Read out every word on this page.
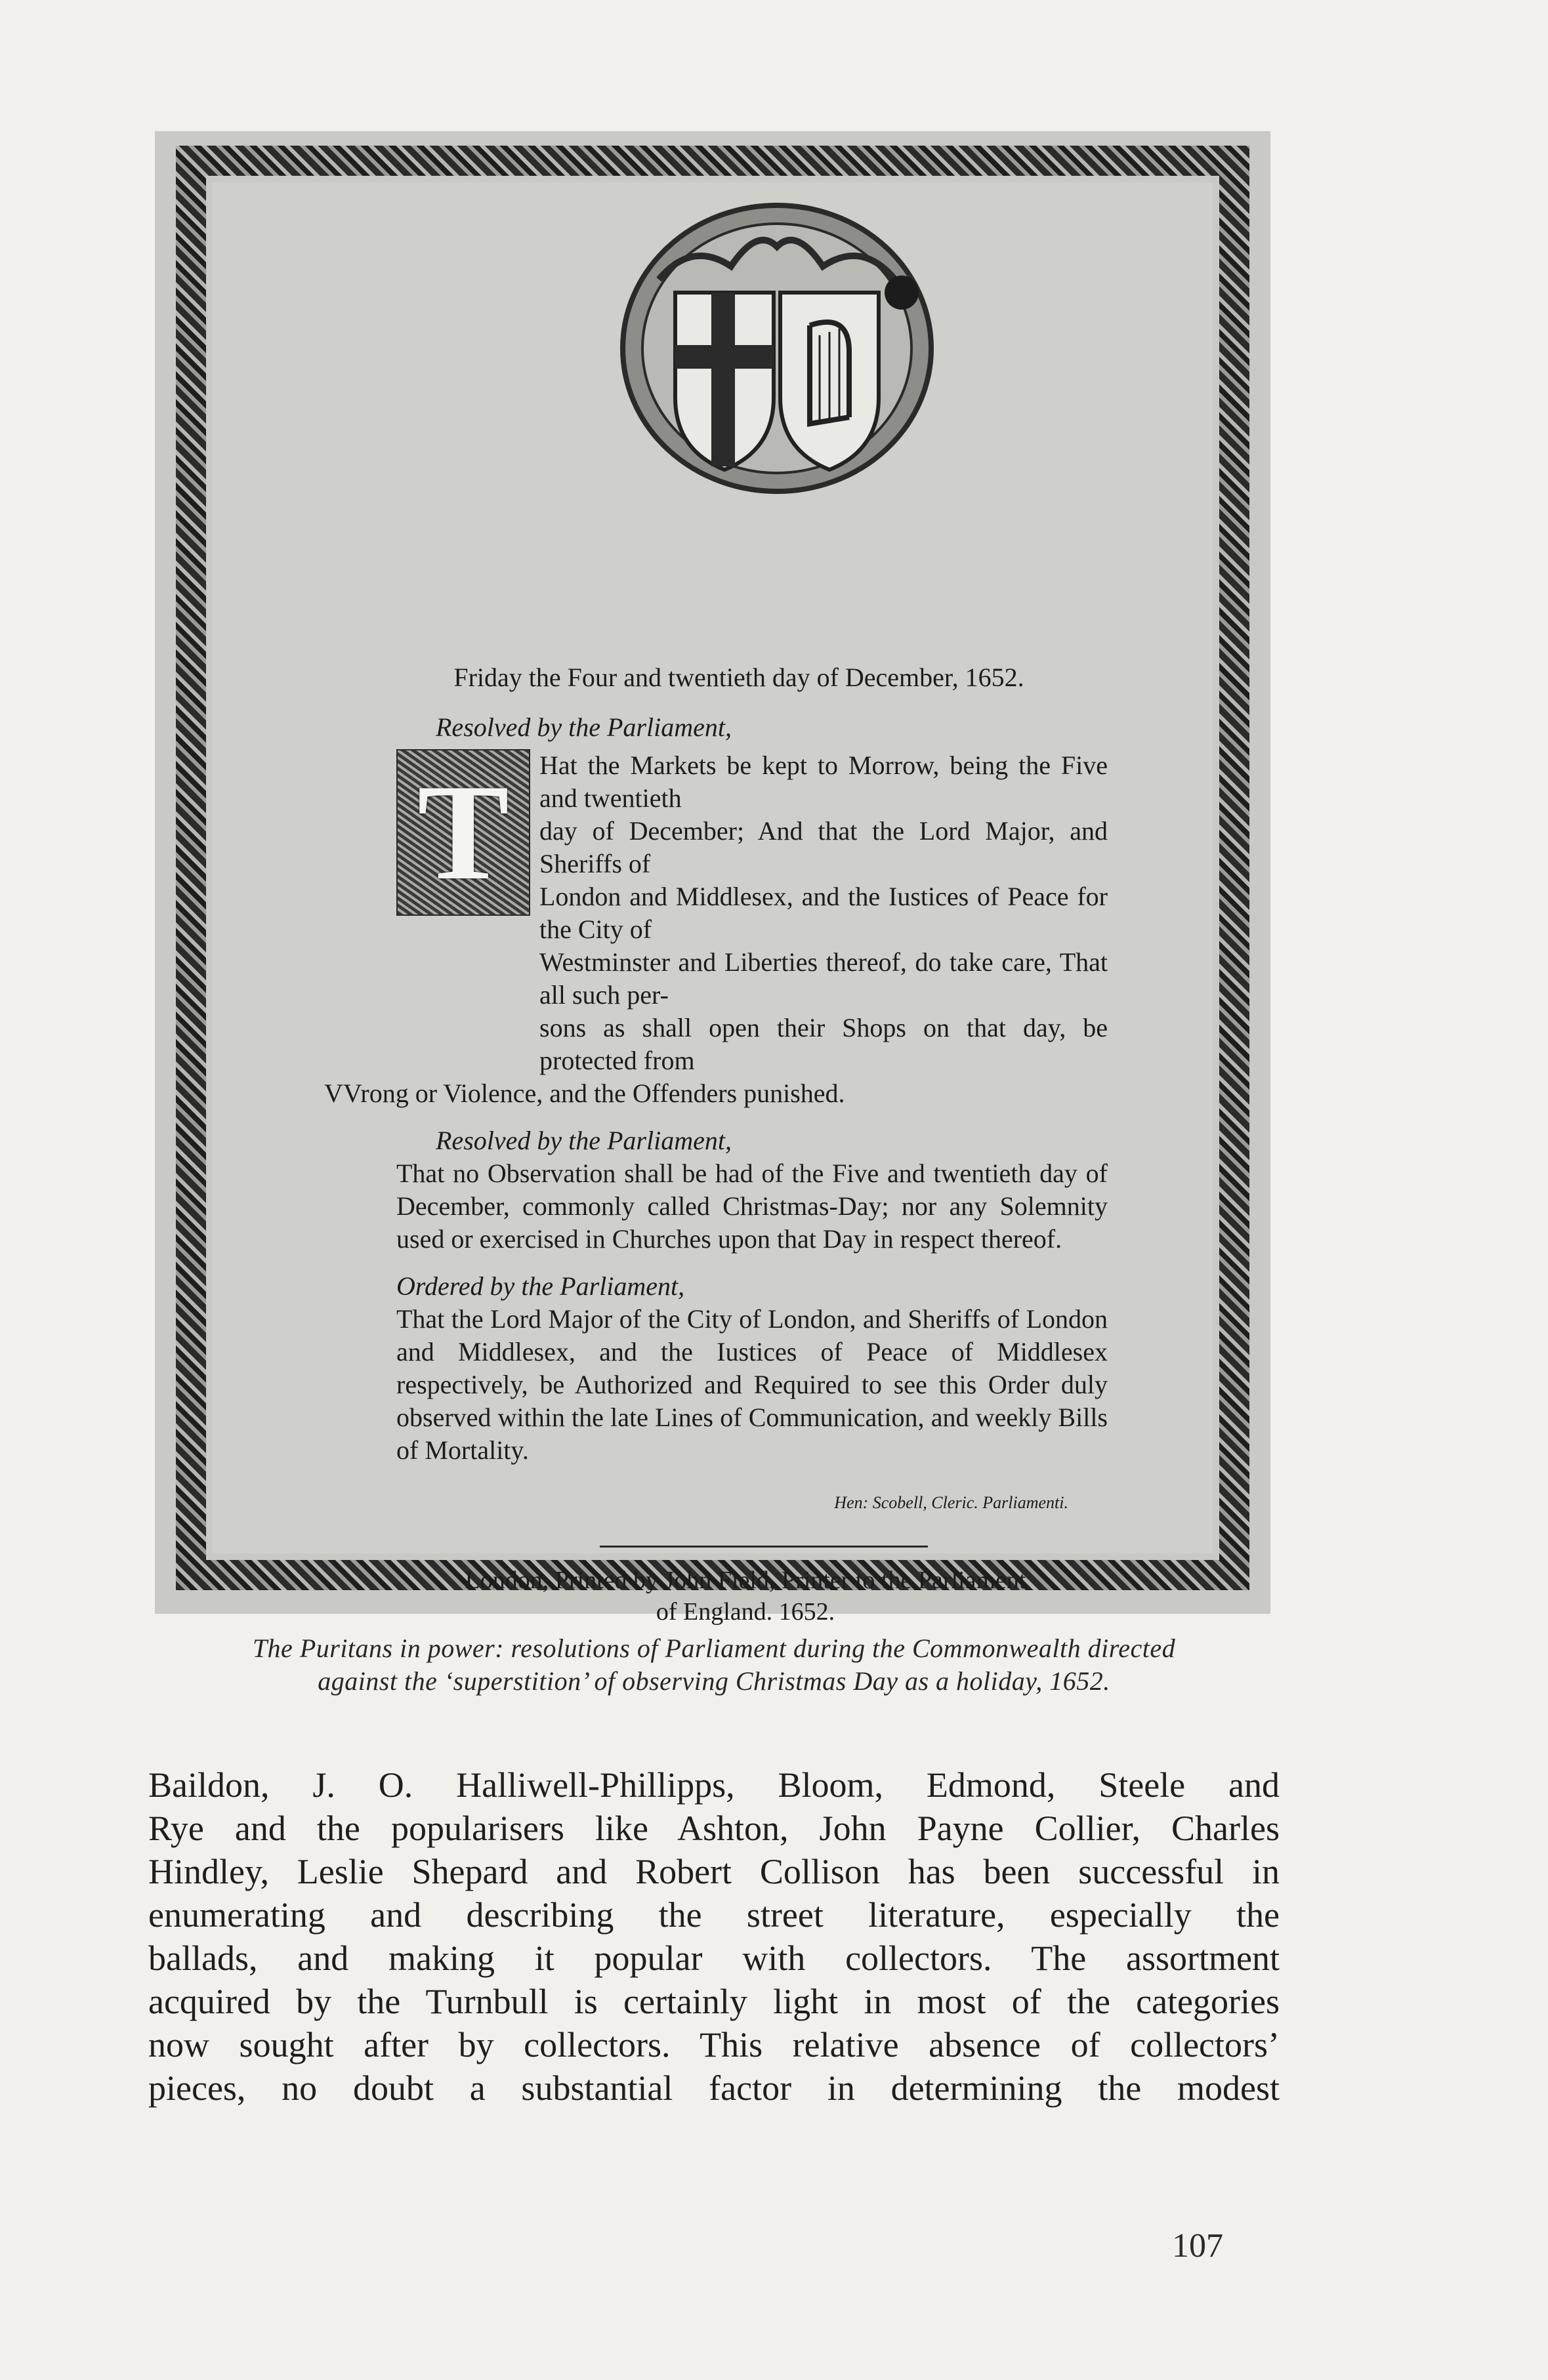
Friday the Four and twentieth day of December, 1652.
Resolved by the Parliament,
T	Hat the Markets be kept to Morrow, being the Five and twentieth
day of December; And that the Lord Major, and Sheriffs of
London and Middlesex, and the Iustices of Peace for the City of
Westminster and Liberties thereof, do take care, That all such per-
sons as shall open their Shops on that day, be protected from
VVrong or Violence, and the Offenders punished.
Resolved by the Parliament,
That no Observation shall be had of the Five and twentieth day of December, commonly called Christmas-Day; nor any Solemnity used or exercised in Churches upon that Day in respect thereof.
Ordered by the Parliament,
That the Lord Major of the City of London, and Sheriffs of London and Middlesex, and the Iustices of Peace of Middlesex respectively, be Authorized and Required to see this Order duly observed within the late Lines of Communication, and weekly Bills of Mortality.
Hen: Scobell, Cleric. Parliamenti.
London, Printed by John Field, Printer to the Parliament
of England. 1652.
The Puritans in power: resolutions of Parliament during the Commonwealth directed
against the ‘superstition’ of observing Christmas Day as a holiday, 1652.
Baildon, J. O. Halliwell-Phillipps, Bloom, Edmond, Steele and
Rye and the popularisers like Ashton, John Payne Collier, Charles
Hindley, Leslie Shepard and Robert Collison has been successful in
enumerating and describing the street literature, especially the
ballads, and making it popular with collectors. The assortment
acquired by the Turnbull is certainly light in most of the categories
now sought after by collectors. This relative absence of collectors’
pieces, no doubt a substantial factor in determining the modest
107
